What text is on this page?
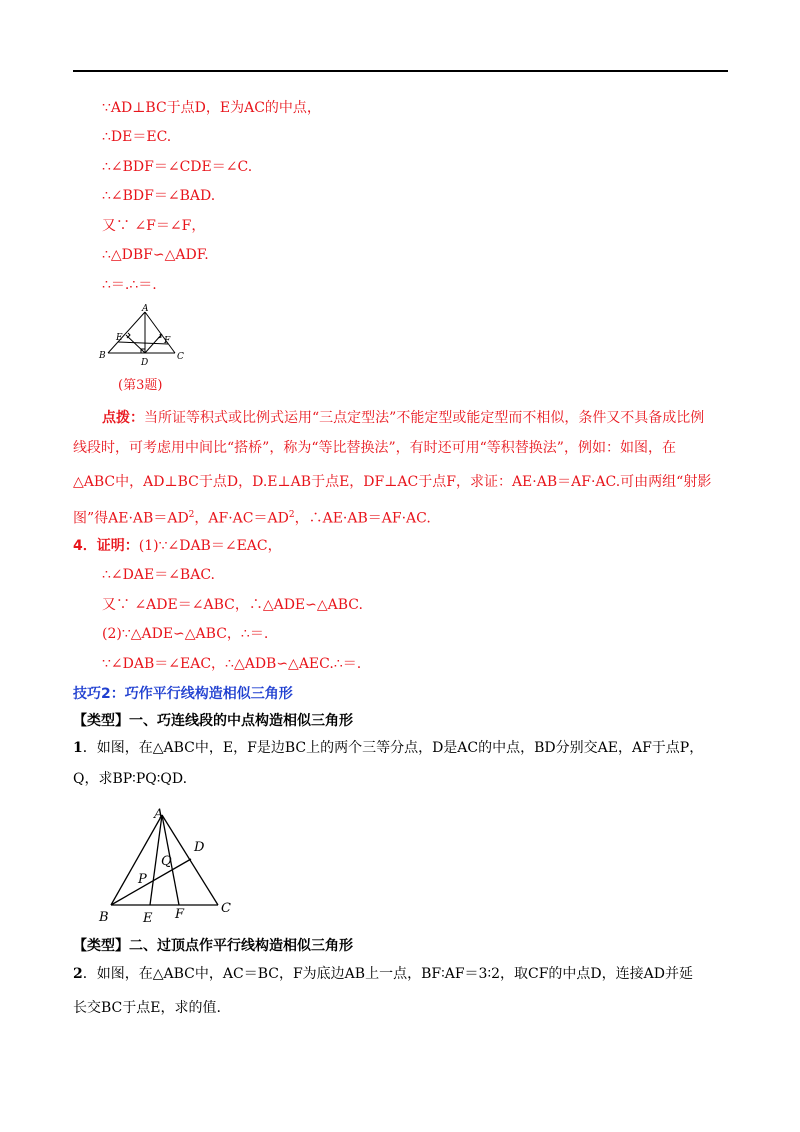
∵AD⊥BC于点D，E为AC的中点，
∴DE＝EC.
∴∠BDF＝∠CDE＝∠C.
∴∠BDF＝∠BAD.
又∵ ∠F＝∠F，
∴△DBF∽△ADF.
∴＝.∴＝.
A
B	C
D
E	F
(第3题)
点拨：当所证等积式或比例式运用“三点定型法”不能定型或能定型而不相似，条件又不具备成比例
线段时，可考虑用中间比“搭桥”，称为“等比替换法”，有时还可用“等积替换法”，例如：如图，在
△ABC中，AD⊥BC于点D，D.E⊥AB于点E，DF⊥AC于点F，求证：AE·AB＝AF·AC.可由两组“射影
图”得$AE\cdot AB=AD^2$，$AF\cdot AC=AD^2$，∴AE·AB＝AF·AC.
4．证明：(1)∵∠DAB＝∠EAC，
∴∠DAE＝∠BAC.
又∵ ∠ADE＝∠ABC，∴△ADE∽△ABC.
(2)∵△ADE∽△ABC，∴＝.
∵∠DAB＝∠EAC，∴△ADB∽△AEC.∴＝.
技巧2：巧作平行线构造相似三角形
【类型】一、巧连线段的中点构造相似三角形
1．如图，在△ABC中，E，F是边BC上的两个三等分点，D是AC的中点，BD分别交AE，AF于点P，
Q，求BP∶PQ∶QD.
A
B
C
D
E F
P
Q
【类型】二、过顶点作平行线构造相似三角形
2．如图，在△ABC中，AC＝BC，F为底边AB上一点，BF∶AF＝3∶2，取CF的中点D，连接AD并延
长交BC于点E，求的值.
